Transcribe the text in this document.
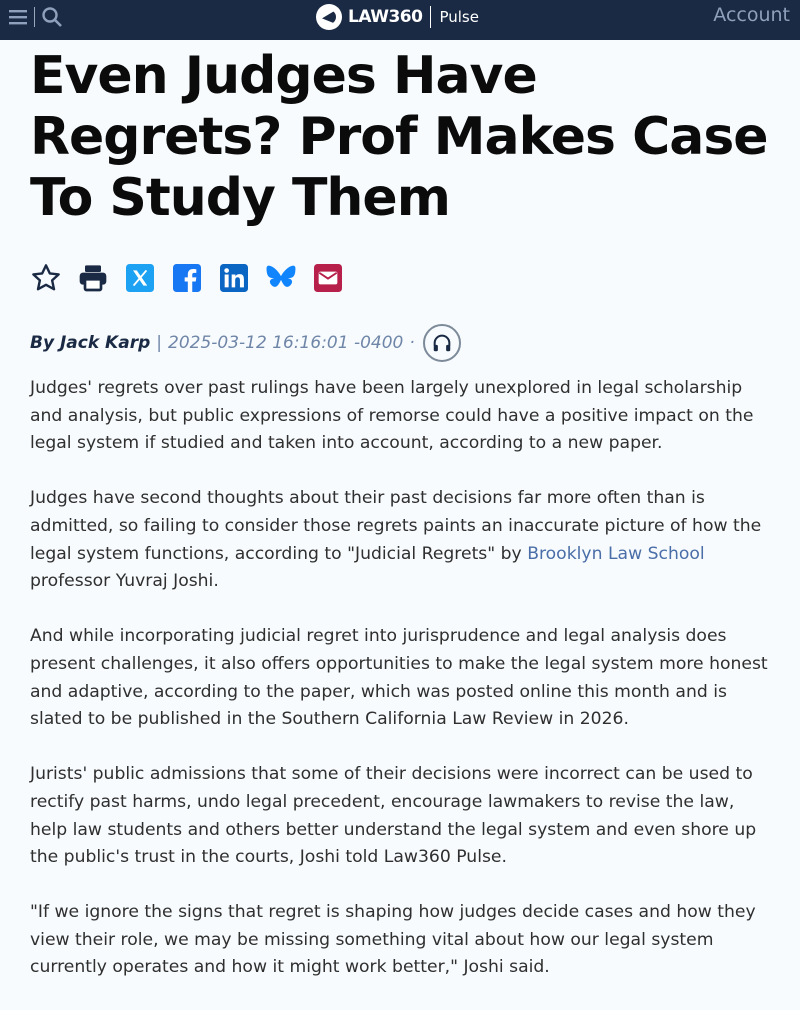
LAW360 Pulse	Account
Even Judges Have Regrets? Prof Makes Case To Study Them
By Jack Karp | 2025-03-12 16:16:01 -0400 ·

Judges' regrets over past rulings have been largely unexplored in legal scholarship and analysis, but public expressions of remorse could have a positive impact on the legal system if studied and taken into account, according to a new paper.

Judges have second thoughts about their past decisions far more often than is admitted, so failing to consider those regrets paints an inaccurate picture of how the legal system functions, according to "Judicial Regrets" by Brooklyn Law School professor Yuvraj Joshi.

And while incorporating judicial regret into jurisprudence and legal analysis does present challenges, it also offers opportunities to make the legal system more honest and adaptive, according to the paper, which was posted online this month and is slated to be published in the Southern California Law Review in 2026.

Jurists' public admissions that some of their decisions were incorrect can be used to rectify past harms, undo legal precedent, encourage lawmakers to revise the law, help law students and others better understand the legal system and even shore up the public's trust in the courts, Joshi told Law360 Pulse.

"If we ignore the signs that regret is shaping how judges decide cases and how they view their role, we may be missing something vital about how our legal system currently operates and how it might work better," Joshi said.
